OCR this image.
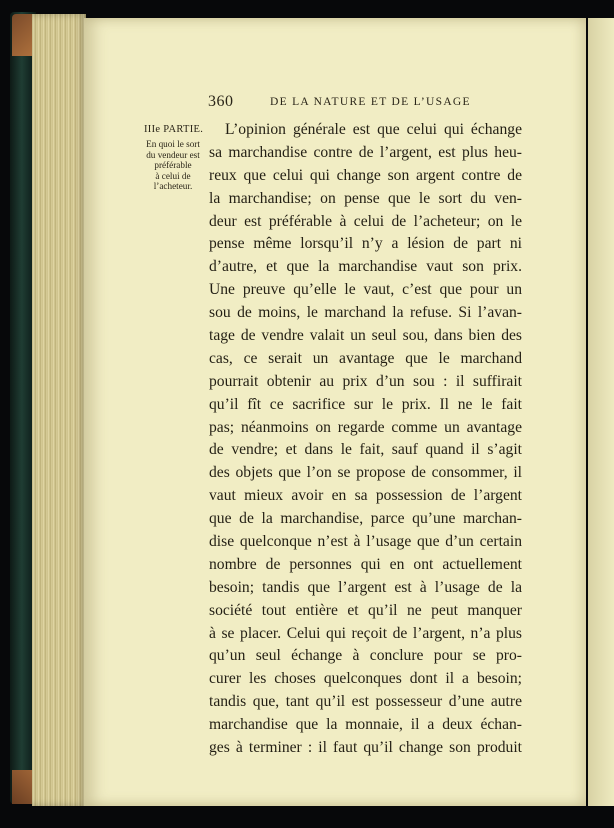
360	DE LA NATURE ET DE L’USAGE
IIIe PARTIE.
En quoi le sort
du vendeur est
préférable
à celui de
l’acheteur.
L’opinion générale est que celui qui échange
sa marchandise contre de l’argent, est plus heu-
reux que celui qui change son argent contre de
la marchandise; on pense que le sort du ven-
deur est préférable à celui de l’acheteur; on le
pense même lorsqu’il n’y a lésion de part ni
d’autre, et que la marchandise vaut son prix.
Une preuve qu’elle le vaut, c’est que pour un
sou de moins, le marchand la refuse. Si l’avan-
tage de vendre valait un seul sou, dans bien des
cas, ce serait un avantage que le marchand
pourrait obtenir au prix d’un sou : il suffirait
qu’il fît ce sacrifice sur le prix. Il ne le fait
pas; néanmoins on regarde comme un avantage
de vendre; et dans le fait, sauf quand il s’agit
des objets que l’on se propose de consommer, il
vaut mieux avoir en sa possession de l’argent
que de la marchandise, parce qu’une marchan-
dise quelconque n’est à l’usage que d’un certain
nombre de personnes qui en ont actuellement
besoin; tandis que l’argent est à l’usage de la
société tout entière et qu’il ne peut manquer
à se placer. Celui qui reçoit de l’argent, n’a plus
qu’un seul échange à conclure pour se pro-
curer les choses quelconques dont il a besoin;
tandis que, tant qu’il est possesseur d’une autre
marchandise que la monnaie, il a deux échan-
ges à terminer : il faut qu’il change son produit
